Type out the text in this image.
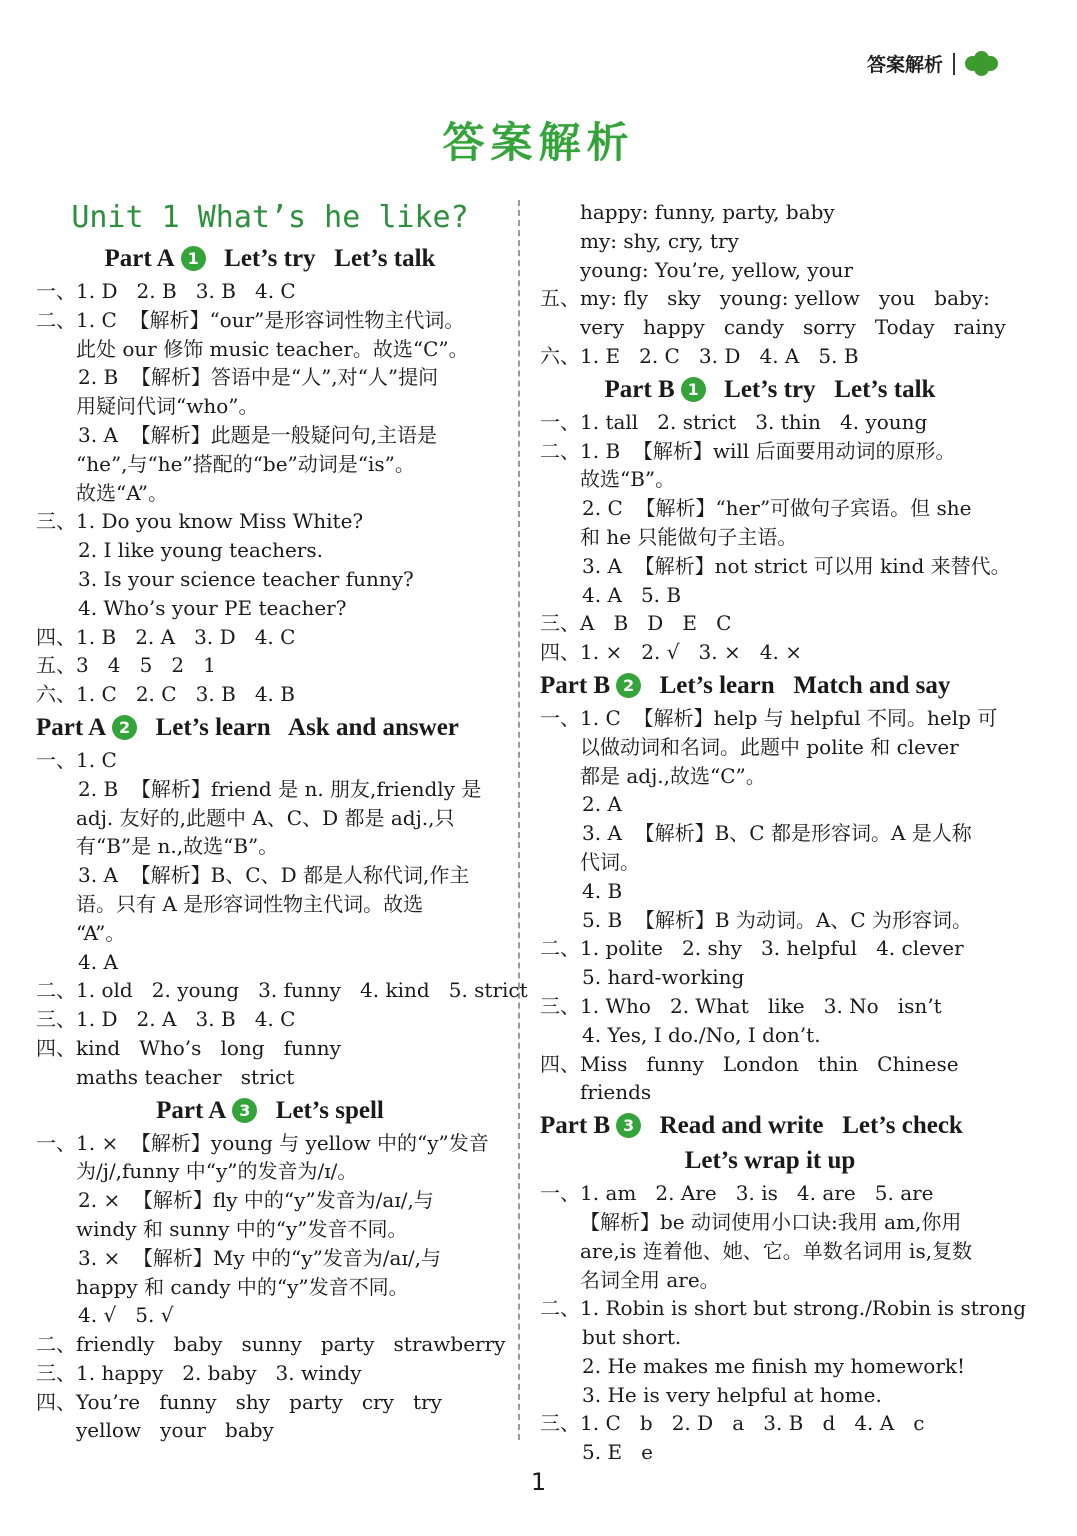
答案解析
答案解析
Unit 1 What’s he like?
Part A 1  Let’s try   Let’s talk
一、1. D   2. B   3. B   4. C
二、1. C  【解析】“our”是形容词性物主代词。
此处 our 修饰 music teacher。故选“C”。
2. B  【解析】答语中是“人”,对“人”提问
用疑问代词“who”。
3. A  【解析】此题是一般疑问句,主语是
“he”,与“he”搭配的“be”动词是“is”。
故选“A”。
三、1. Do you know Miss White?
2. I like young teachers.
3. Is your science teacher funny?
4. Who’s your PE teacher?
四、1. B   2. A   3. D   4. C
五、3   4   5   2   1
六、1. C   2. C   3. B   4. B
Part A 2  Let’s learn   Ask and answer
一、1. C
2. B  【解析】friend 是 n. 朋友,friendly 是
adj. 友好的,此题中 A、C、D 都是 adj.,只
有“B”是 n.,故选“B”。
3. A  【解析】B、C、D 都是人称代词,作主
语。只有 A 是形容词性物主代词。故选
“A”。
4. A
二、1. old   2. young   3. funny   4. kind   5. strict
三、1. D   2. A   3. B   4. C
四、kind   Who’s   long   funny
maths teacher   strict
Part A 3  Let’s spell
一、1. ×  【解析】young 与 yellow 中的“y”发音
为/j/,funny 中“y”的发音为/ɪ/。
2. ×  【解析】fly 中的“y”发音为/aɪ/,与
windy 和 sunny 中的“y”发音不同。
3. ×  【解析】My 中的“y”发音为/aɪ/,与
happy 和 candy 中的“y”发音不同。
4. √   5. √
二、friendly   baby   sunny   party   strawberry
三、1. happy   2. baby   3. windy
四、You’re   funny   shy   party   cry   try
yellow   your   baby
happy: funny, party, baby
my: shy, cry, try
young: You’re, yellow, your
五、my: fly   sky   young: yellow   you   baby:
very   happy   candy   sorry   Today   rainy
六、1. E   2. C   3. D   4. A   5. B
Part B 1  Let’s try   Let’s talk
一、1. tall   2. strict   3. thin   4. young
二、1. B  【解析】will 后面要用动词的原形。
故选“B”。
2. C  【解析】“her”可做句子宾语。但 she
和 he 只能做句子主语。
3. A  【解析】not strict 可以用 kind 来替代。
4. A   5. B
三、A   B   D   E   C
四、1. ×   2. √   3. ×   4. ×
Part B 2  Let’s learn   Match and say
一、1. C  【解析】help 与 helpful 不同。help 可
以做动词和名词。此题中 polite 和 clever
都是 adj.,故选“C”。
2. A
3. A  【解析】B、C 都是形容词。A 是人称
代词。
4. B
5. B  【解析】B 为动词。A、C 为形容词。
二、1. polite   2. shy   3. helpful   4. clever
5. hard-working
三、1. Who   2. What   like   3. No   isn’t
4. Yes, I do./No, I don’t.
四、Miss   funny   London   thin   Chinese
friends
Part B 3  Read and write   Let’s check
Let’s wrap it up
一、1. am   2. Are   3. is   4. are   5. are
【解析】be 动词使用小口诀:我用 am,你用
are,is 连着他、她、它。单数名词用 is,复数
名词全用 are。
二、1. Robin is short but strong./Robin is strong
but short.
2. He makes me finish my homework!
3. He is very helpful at home.
三、1. C   b   2. D   a   3. B   d   4. A   c
5. E   e
1
